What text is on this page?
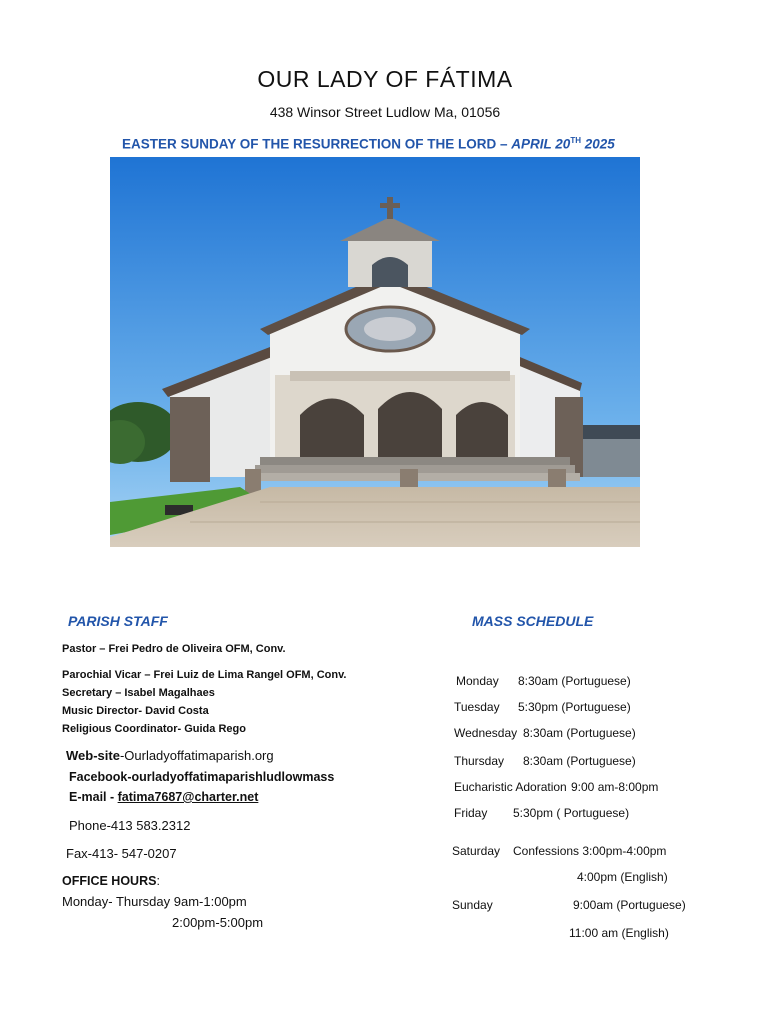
OUR LADY OF FÁTIMA
438 Winsor Street Ludlow Ma, 01056
EASTER SUNDAY OF THE RESURRECTION OF THE LORD – APRIL 20TH 2025
PARISH STAFF
Pastor – Frei Pedro de Oliveira OFM, Conv.
Parochial Vicar – Frei Luiz de Lima Rangel OFM, Conv.
Secretary – Isabel Magalhaes
Music Director- David Costa
Religious Coordinator- Guida Rego
Web-site-Ourladyoffatimaparish.org
Facebook-ourladyoffatimaparishludlowmass
E-mail - fatima7687@charter.net
Phone-413 583.2312
Fax-413- 547-0207
OFFICE HOURS:
Monday- Thursday 9am-1:00pm
2:00pm-5:00pm
MASS SCHEDULE
Monday 8:30am (Portuguese)
Tuesday 5:30pm (Portuguese)
Wednesday 8:30am (Portuguese)
Thursday 8:30am (Portuguese)
Eucharistic Adoration 9:00 am-8:00pm
Friday 5:30pm ( Portuguese)
Saturday Confessions 3:00pm-4:00pm
4:00pm (English)
Sunday	9:00am (Portuguese)
11:00 am (English)
